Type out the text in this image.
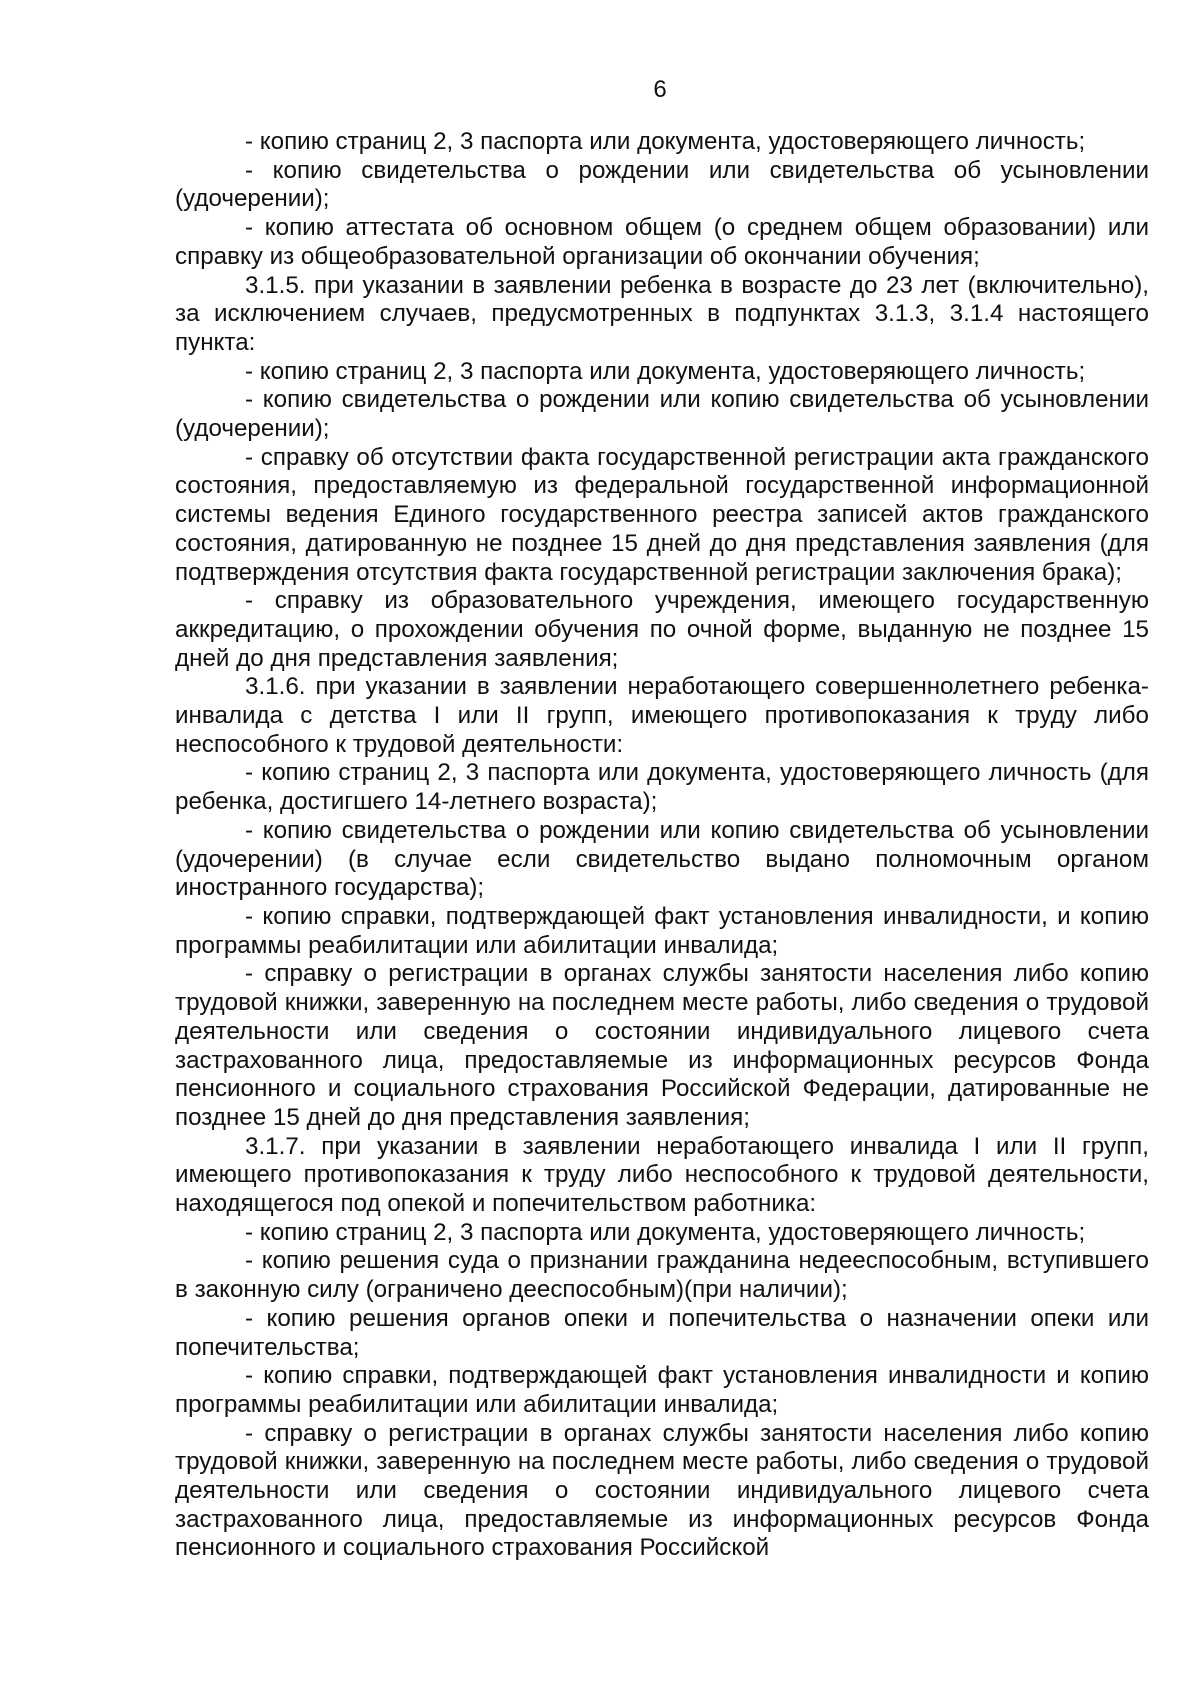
6

- копию страниц 2, 3 паспорта или документа, удостоверяющего личность;

- копию свидетельства о рождении или свидетельства об усыновлении (удочерении);

- копию аттестата об основном общем (о среднем общем образовании) или справку из общеобразовательной организации об окончании обучения;

3.1.5. при указании в заявлении ребенка в возрасте до 23 лет (включительно), за исключением случаев, предусмотренных в подпунктах 3.1.3, 3.1.4 настоящего пункта:

- копию страниц 2, 3 паспорта или документа, удостоверяющего личность;

- копию свидетельства о рождении или копию свидетельства об усыновлении (удочерении);

- справку об отсутствии факта государственной регистрации акта гражданского состояния, предоставляемую из федеральной государственной информационной системы ведения Единого государственного реестра записей актов гражданского состояния, датированную не позднее 15 дней до дня представления заявления (для подтверждения отсутствия факта государственной регистрации заключения брака);

- справку из образовательного учреждения, имеющего государственную аккредитацию, о прохождении обучения по очной форме, выданную не позднее 15 дней до дня представления заявления;

3.1.6. при указании в заявлении неработающего совершеннолетнего ребенка-инвалида с детства I или II групп, имеющего противопоказания к труду либо неспособного к трудовой деятельности:

- копию страниц 2, 3 паспорта или документа, удостоверяющего личность (для ребенка, достигшего 14-летнего возраста);

- копию свидетельства о рождении или копию свидетельства об усыновлении (удочерении) (в случае если свидетельство выдано полномочным органом иностранного государства);

- копию справки, подтверждающей факт установления инвалидности, и копию программы реабилитации или абилитации инвалида;

- справку о регистрации в органах службы занятости населения либо копию трудовой книжки, заверенную на последнем месте работы, либо сведения о трудовой деятельности или сведения о состоянии индивидуального лицевого счета застрахованного лица, предоставляемые из информационных ресурсов Фонда пенсионного и социального страхования Российской Федерации, датированные не позднее 15 дней до дня представления заявления;

3.1.7. при указании в заявлении неработающего инвалида I или II групп, имеющего противопоказания к труду либо неспособного к трудовой деятельности, находящегося под опекой и попечительством работника:

- копию страниц 2, 3 паспорта или документа, удостоверяющего личность;

- копию решения суда о признании гражданина недееспособным, вступившего в законную силу (ограничено дееспособным)(при наличии);

- копию решения органов опеки и попечительства о назначении опеки или попечительства;

- копию справки, подтверждающей факт установления инвалидности и копию программы реабилитации или абилитации инвалида;

- справку о регистрации в органах службы занятости населения либо копию трудовой книжки, заверенную на последнем месте работы, либо сведения о трудовой деятельности или сведения о состоянии индивидуального лицевого счета застрахованного лица, предоставляемые из информационных ресурсов Фонда пенсионного и социального страхования Российской
